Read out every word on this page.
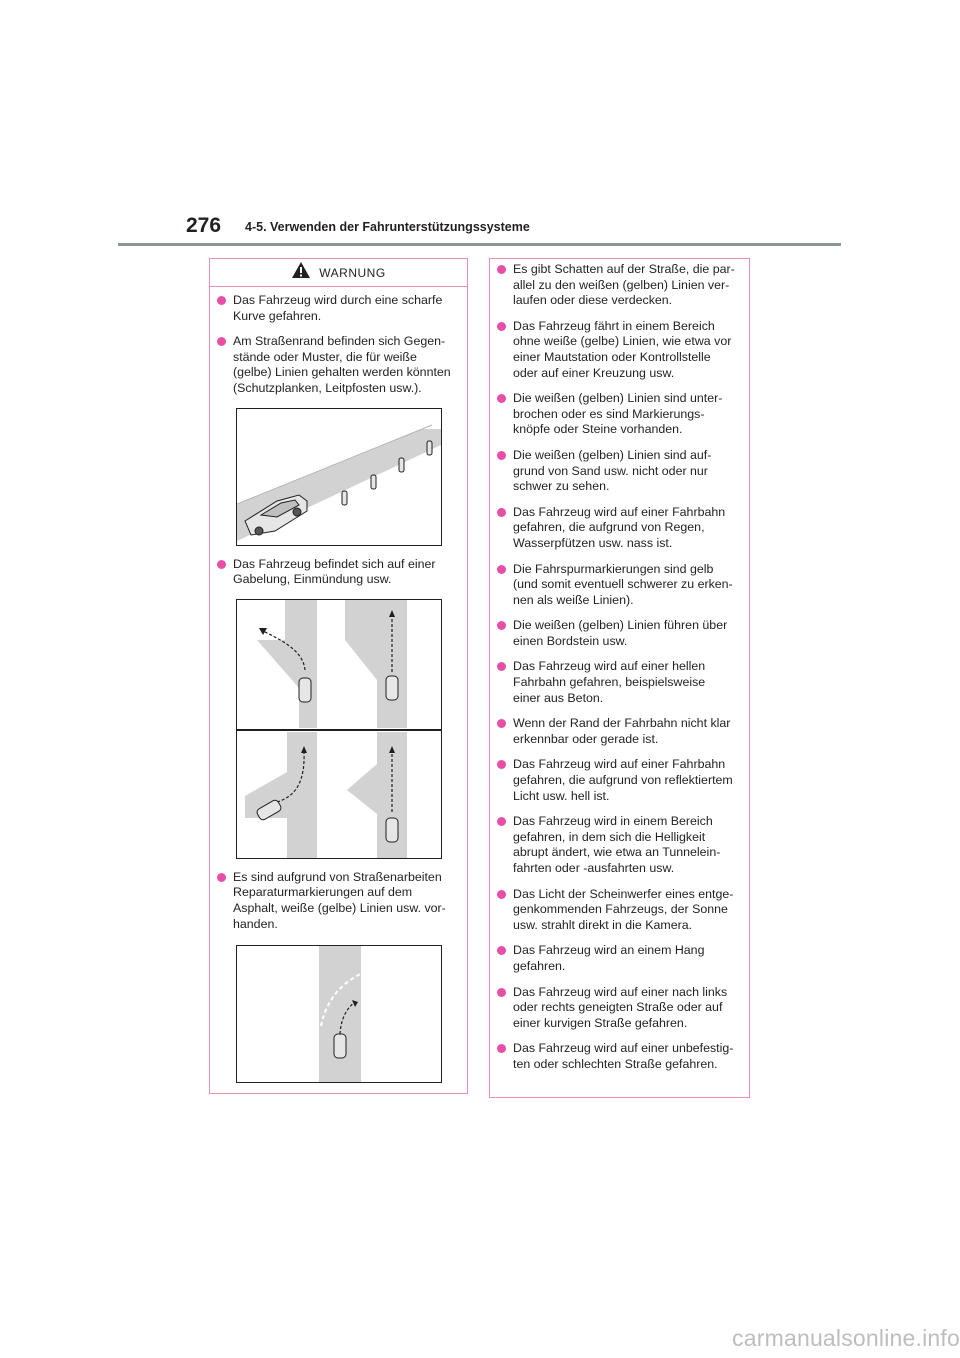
276 4-5. Verwenden der Fahrunterstützungssysteme
WARNUNG
Das Fahrzeug wird durch eine scharfe
Kurve gefahren.
Am Straßenrand befinden sich Gegen-
stände oder Muster, die für weiße
(gelbe) Linien gehalten werden könnten
(Schutzplanken, Leitpfosten usw.).
Das Fahrzeug befindet sich auf einer
Gabelung, Einmündung usw.
Es sind aufgrund von Straßenarbeiten
Reparaturmarkierungen auf dem
Asphalt, weiße (gelbe) Linien usw. vor-
handen.
Es gibt Schatten auf der Straße, die par-
allel zu den weißen (gelben) Linien ver-
laufen oder diese verdecken.
Das Fahrzeug fährt in einem Bereich
ohne weiße (gelbe) Linien, wie etwa vor
einer Mautstation oder Kontrollstelle
oder auf einer Kreuzung usw.
Die weißen (gelben) Linien sind unter-
brochen oder es sind Markierungs-
knöpfe oder Steine vorhanden.
Die weißen (gelben) Linien sind auf-
grund von Sand usw. nicht oder nur
schwer zu sehen.
Das Fahrzeug wird auf einer Fahrbahn
gefahren, die aufgrund von Regen,
Wasserpfützen usw. nass ist.
Die Fahrspurmarkierungen sind gelb
(und somit eventuell schwerer zu erken-
nen als weiße Linien).
Die weißen (gelben) Linien führen über
einen Bordstein usw.
Das Fahrzeug wird auf einer hellen
Fahrbahn gefahren, beispielsweise
einer aus Beton.
Wenn der Rand der Fahrbahn nicht klar
erkennbar oder gerade ist.
Das Fahrzeug wird auf einer Fahrbahn
gefahren, die aufgrund von reflektiertem
Licht usw. hell ist.
Das Fahrzeug wird in einem Bereich
gefahren, in dem sich die Helligkeit
abrupt ändert, wie etwa an Tunnelein-
fahrten oder -ausfahrten usw.
Das Licht der Scheinwerfer eines entge-
genkommenden Fahrzeugs, der Sonne
usw. strahlt direkt in die Kamera.
Das Fahrzeug wird an einem Hang
gefahren.
Das Fahrzeug wird auf einer nach links
oder rechts geneigten Straße oder auf
einer kurvigen Straße gefahren.
Das Fahrzeug wird auf einer unbefestig-
ten oder schlechten Straße gefahren.
carmanualsonline.info
